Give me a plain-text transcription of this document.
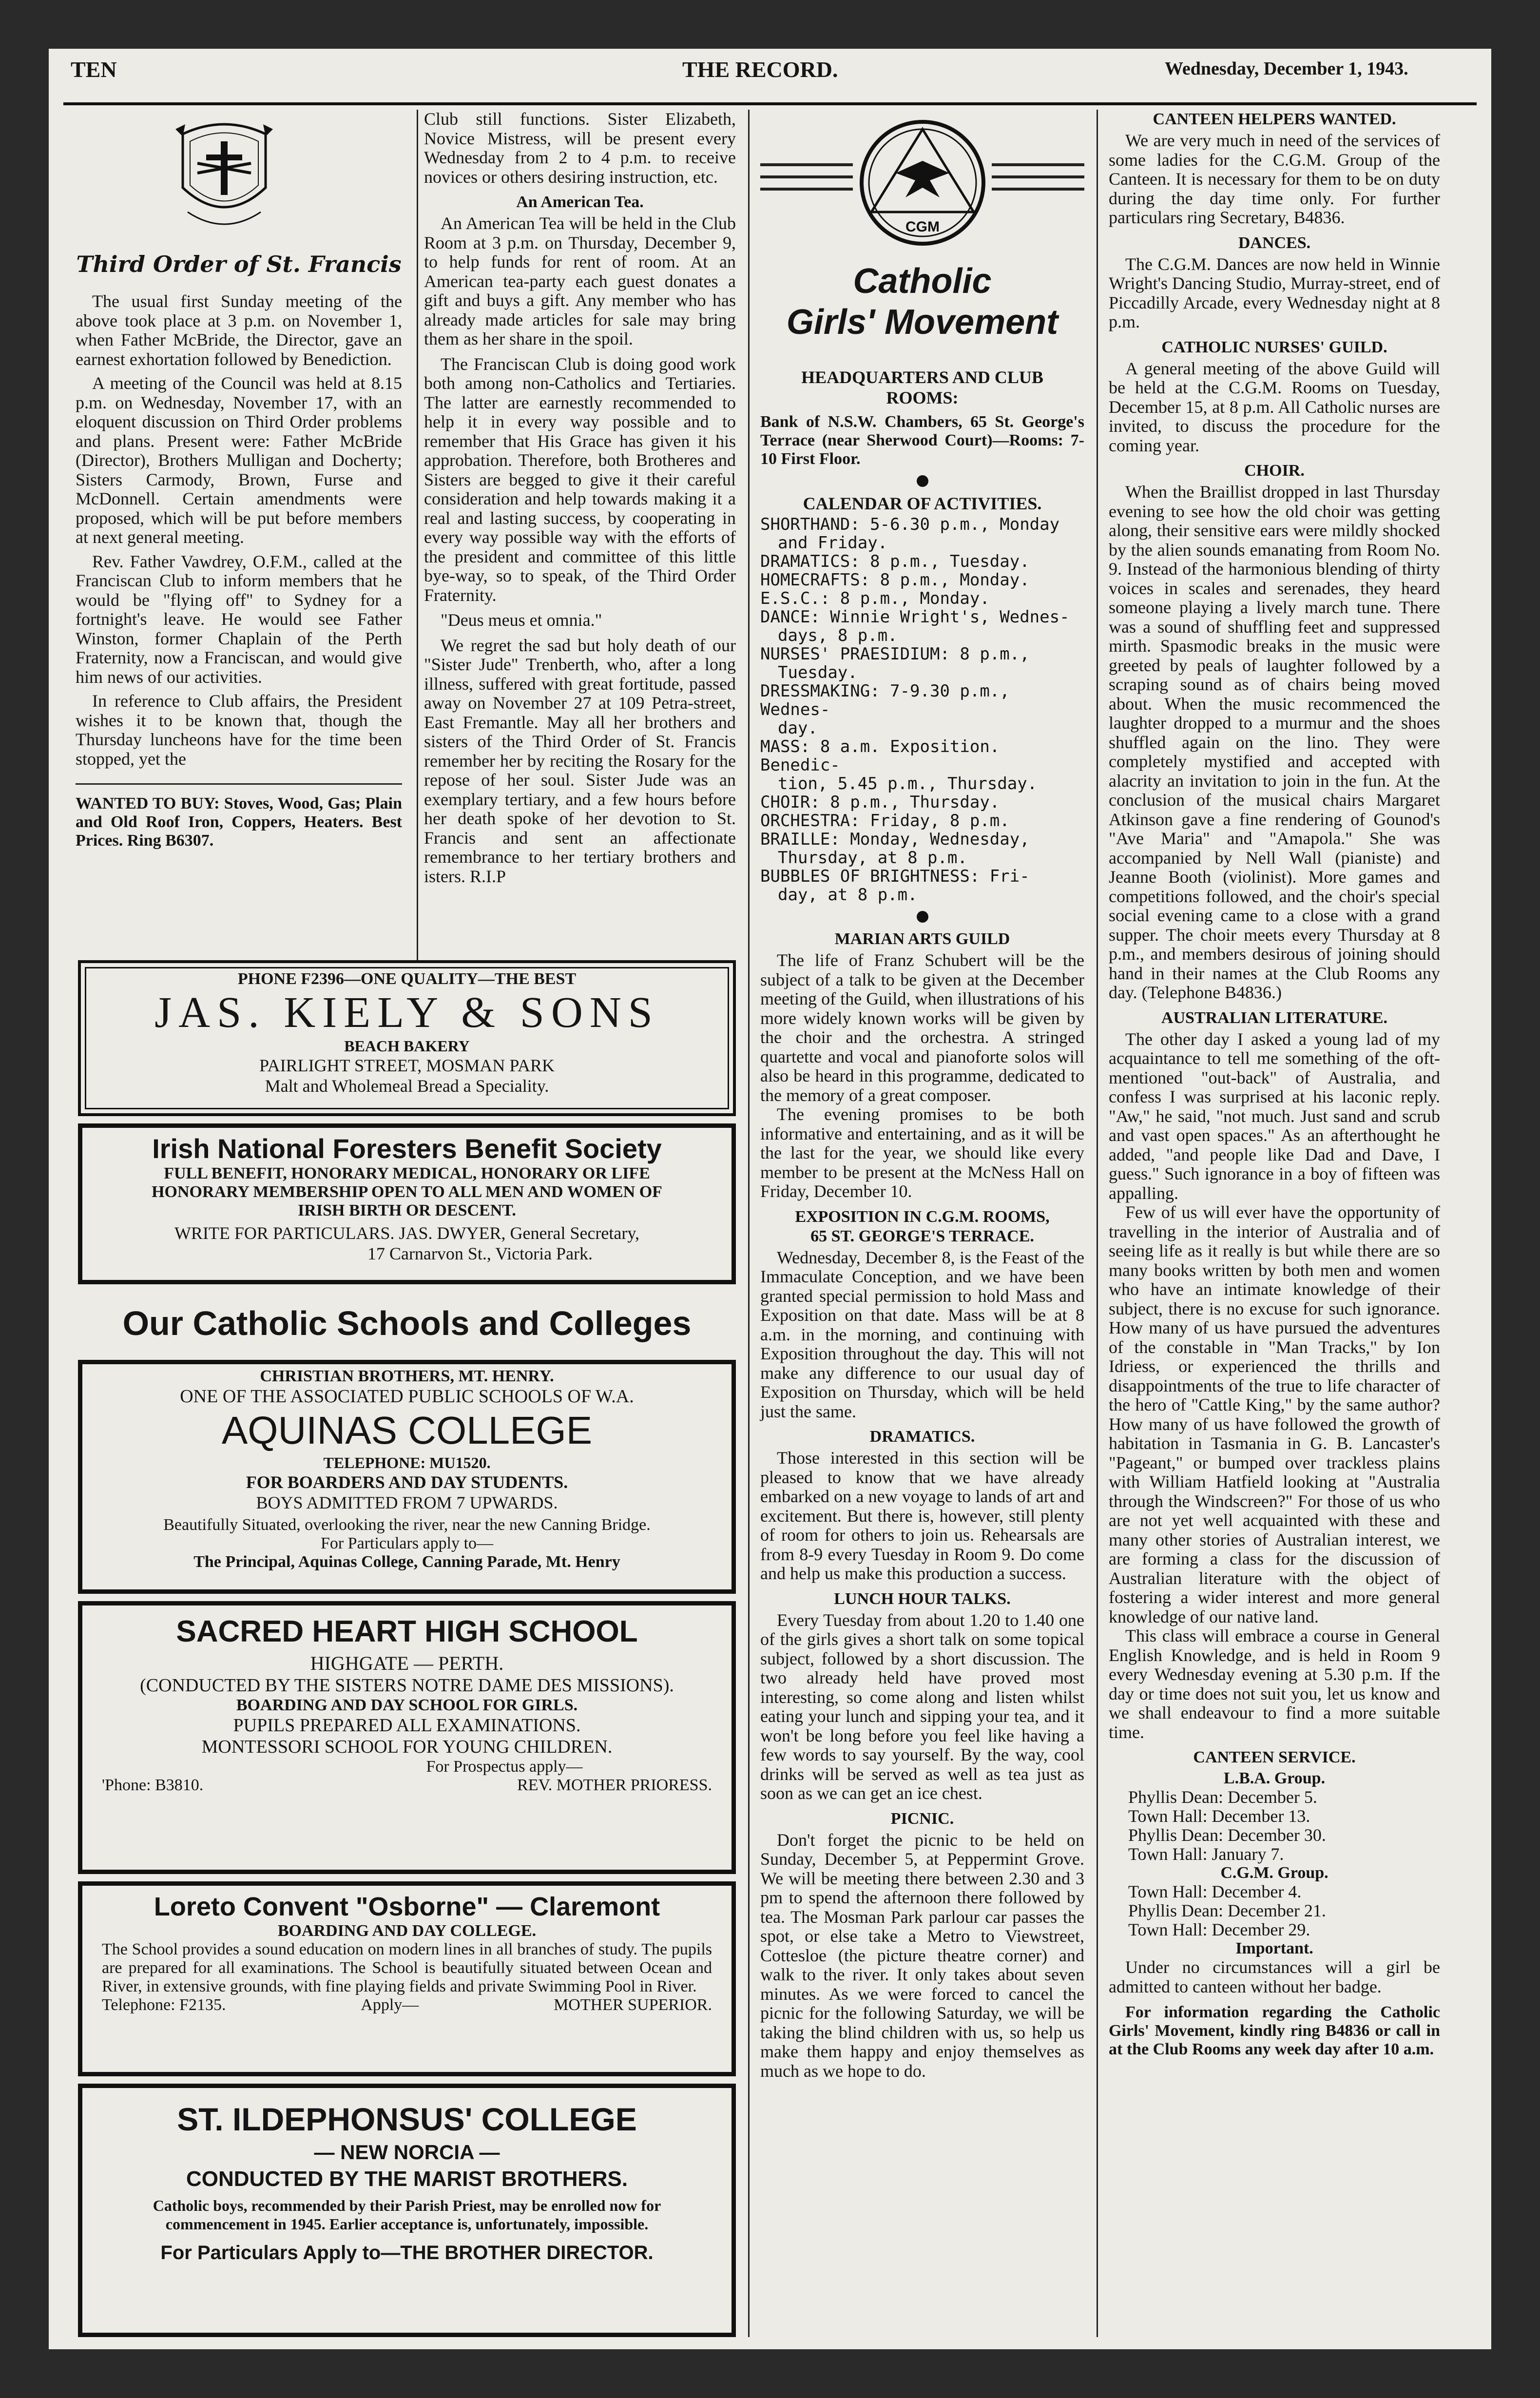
TEN	THE RECORD.	Wednesday, December 1, 1943.
Third Order of St. Francis

The usual first Sunday meeting of the above took place at 3 p.m. on November 1, when Father McBride, the Director, gave an earnest exhortation followed by Benediction.

A meeting of the Council was held at 8.15 p.m. on Wednesday, November 17, with an eloquent discussion on Third Order problems and plans. Present were: Father McBride (Director), Brothers Mulligan and Docherty; Sisters Carmody, Brown, Furse and McDonnell. Certain amendments were proposed, which will be put before members at next general meeting.

Rev. Father Vawdrey, O.F.M., called at the Franciscan Club to inform members that he would be "flying off" to Sydney for a fortnight's leave. He would see Father Winston, former Chaplain of the Perth Fraternity, now a Franciscan, and would give him news of our activities.

In reference to Club affairs, the President wishes it to be known that, though the Thursday luncheons have for the time been stopped, yet the

WANTED TO BUY: Stoves, Wood, Gas; Plain and Old Roof Iron, Coppers, Heaters. Best Prices. Ring B6307.

Club still functions. Sister Elizabeth, Novice Mistress, will be present every Wednesday from 2 to 4 p.m. to receive novices or others desiring instruction, etc.

An American Tea.

An American Tea will be held in the Club Room at 3 p.m. on Thursday, December 9, to help funds for rent of room. At an American tea-party each guest donates a gift and buys a gift. Any member who has already made articles for sale may bring them as her share in the spoil.

The Franciscan Club is doing good work both among non-Catholics and Tertiaries. The latter are earnestly recommended to help it in every way possible and to remember that His Grace has given it his approbation. Therefore, both Brotheres and Sisters are begged to give it their careful consideration and help towards making it a real and lasting success, by cooperating in every way possible way with the efforts of the president and committee of this little bye-way, so to speak, of the Third Order Fraternity.

"Deus meus et omnia."

We regret the sad but holy death of our "Sister Jude" Trenberth, who, after a long illness, suffered with great fortitude, passed away on November 27 at 109 Petra-street, East Fremantle. May all her brothers and sisters of the Third Order of St. Francis remember her by reciting the Rosary for the repose of her soul. Sister Jude was an exemplary tertiary, and a few hours before her death spoke of her devotion to St. Francis and sent an affectionate remembrance to her tertiary brothers and isters. R.I.P

PHONE F2396—ONE QUALITY—THE BEST
JAS. KIELY & SONS
BEACH BAKERY
PAIRLIGHT STREET, MOSMAN PARK
Malt and Wholemeal Bread a Speciality.
Irish National Foresters Benefit Society
FULL BENEFIT, HONORARY MEDICAL, HONORARY OR LIFE
HONORARY MEMBERSHIP OPEN TO ALL MEN AND WOMEN OF
IRISH BIRTH OR DESCENT.
WRITE FOR PARTICULARS. JAS. DWYER, General Secretary,
17 Carnarvon St., Victoria Park.
Our Catholic Schools and Colleges
CHRISTIAN BROTHERS, MT. HENRY.
ONE OF THE ASSOCIATED PUBLIC SCHOOLS OF W.A.
AQUINAS COLLEGE
TELEPHONE: MU1520.
FOR BOARDERS AND DAY STUDENTS.
BOYS ADMITTED FROM 7 UPWARDS.
Beautifully Situated, overlooking the river, near the new Canning Bridge.
For Particulars apply to—
The Principal, Aquinas College, Canning Parade, Mt. Henry
SACRED HEART HIGH SCHOOL
HIGHGATE — PERTH.
(CONDUCTED BY THE SISTERS NOTRE DAME DES MISSIONS).
BOARDING AND DAY SCHOOL FOR GIRLS.
PUPILS PREPARED ALL EXAMINATIONS.
MONTESSORI SCHOOL FOR YOUNG CHILDREN.
For Prospectus apply—
'Phone: B3810.	REV. MOTHER PRIORESS.
Loreto Convent "Osborne" — Claremont
BOARDING AND DAY COLLEGE.

The School provides a sound education on modern lines in all branches of study. The pupils are prepared for all examinations. The School is beautifully situated between Ocean and River, in extensive grounds, with fine playing fields and private Swimming Pool in River.

Telephone: F2135.	Apply—	MOTHER SUPERIOR.
ST. ILDEPHONSUS' COLLEGE
— NEW NORCIA —
CONDUCTED BY THE MARIST BROTHERS.

Catholic boys, recommended by their Parish Priest, may be enrolled now for commencement in 1945. Earlier acceptance is, unfortunately, impossible.

For Particulars Apply to—THE BROTHER DIRECTOR.
CGM
Catholic
Girls' Movement
HEADQUARTERS AND CLUB
ROOMS:

Bank of N.S.W. Chambers, 65 St. George's Terrace (near Sherwood Court)—Rooms: 7-10 First Floor.

CALENDAR OF ACTIVITIES.
SHORTHAND: 5-6.30 p.m., Monday
and Friday.
DRAMATICS: 8 p.m., Tuesday.
HOMECRAFTS: 8 p.m., Monday.
E.S.C.: 8 p.m., Monday.
DANCE: Winnie Wright's, Wednes-
days, 8 p.m.
NURSES' PRAESIDIUM: 8 p.m.,
Tuesday.
DRESSMAKING: 7-9.30 p.m., Wednes-
day.
MASS: 8 a.m. Exposition. Benedic-
tion, 5.45 p.m., Thursday.
CHOIR: 8 p.m., Thursday.
ORCHESTRA: Friday, 8 p.m.
BRAILLE: Monday, Wednesday,
Thursday, at 8 p.m.
BUBBLES OF BRIGHTNESS: Fri-
day, at 8 p.m.
MARIAN ARTS GUILD

The life of Franz Schubert will be the subject of a talk to be given at the December meeting of the Guild, when illustrations of his more widely known works will be given by the choir and the orchestra. A stringed quartette and vocal and pianoforte solos will also be heard in this programme, dedicated to the memory of a great composer.

The evening promises to be both informative and entertaining, and as it will be the last for the year, we should like every member to be present at the McNess Hall on Friday, December 10.

EXPOSITION IN C.G.M. ROOMS,
65 ST. GEORGE'S TERRACE.

Wednesday, December 8, is the Feast of the Immaculate Conception, and we have been granted special permission to hold Mass and Exposition on that date. Mass will be at 8 a.m. in the morning, and continuing with Exposition throughout the day. This will not make any difference to our usual day of Exposition on Thursday, which will be held just the same.

DRAMATICS.

Those interested in this section will be pleased to know that we have already embarked on a new voyage to lands of art and excitement. But there is, however, still plenty of room for others to join us. Rehearsals are from 8-9 every Tuesday in Room 9. Do come and help us make this production a success.

LUNCH HOUR TALKS.

Every Tuesday from about 1.20 to 1.40 one of the girls gives a short talk on some topical subject, followed by a short discussion. The two already held have proved most interesting, so come along and listen whilst eating your lunch and sipping your tea, and it won't be long before you feel like having a few words to say yourself. By the way, cool drinks will be served as well as tea just as soon as we can get an ice chest.

PICNIC.

Don't forget the picnic to be held on Sunday, December 5, at Peppermint Grove. We will be meeting there between 2.30 and 3 pm to spend the afternoon there followed by tea. The Mosman Park parlour car passes the spot, or else take a Metro to Viewstreet, Cottesloe (the picture theatre corner) and walk to the river. It only takes about seven minutes. As we were forced to cancel the picnic for the following Saturday, we will be taking the blind children with us, so help us make them happy and enjoy themselves as much as we hope to do.

CANTEEN HELPERS WANTED.

We are very much in need of the services of some ladies for the C.G.M. Group of the Canteen. It is necessary for them to be on duty during the day time only. For further particulars ring Secretary, B4836.

DANCES.

The C.G.M. Dances are now held in Winnie Wright's Dancing Studio, Murray-street, end of Piccadilly Arcade, every Wednesday night at 8 p.m.

CATHOLIC NURSES' GUILD.

A general meeting of the above Guild will be held at the C.G.M. Rooms on Tuesday, December 15, at 8 p.m. All Catholic nurses are invited, to discuss the procedure for the coming year.

CHOIR.

When the Braillist dropped in last Thursday evening to see how the old choir was getting along, their sensitive ears were mildly shocked by the alien sounds emanating from Room No. 9. Instead of the harmonious blending of thirty voices in scales and serenades, they heard someone playing a lively march tune. There was a sound of shuffling feet and suppressed mirth. Spasmodic breaks in the music were greeted by peals of laughter followed by a scraping sound as of chairs being moved about. When the music recommenced the laughter dropped to a murmur and the shoes shuffled again on the lino. They were completely mystified and accepted with alacrity an invitation to join in the fun. At the conclusion of the musical chairs Margaret Atkinson gave a fine rendering of Gounod's "Ave Maria" and "Amapola." She was accompanied by Nell Wall (pianiste) and Jeanne Booth (violinist). More games and competitions followed, and the choir's special social evening came to a close with a grand supper. The choir meets every Thursday at 8 p.m., and members desirous of joining should hand in their names at the Club Rooms any day. (Telephone B4836.)

AUSTRALIAN LITERATURE.

The other day I asked a young lad of my acquaintance to tell me something of the oft-mentioned "out-back" of Australia, and confess I was surprised at his laconic reply. "Aw," he said, "not much. Just sand and scrub and vast open spaces." As an afterthought he added, "and people like Dad and Dave, I guess." Such ignorance in a boy of fifteen was appalling.

Few of us will ever have the opportunity of travelling in the interior of Australia and of seeing life as it really is but while there are so many books written by both men and women who have an intimate knowledge of their subject, there is no excuse for such ignorance. How many of us have pursued the adventures of the constable in "Man Tracks," by Ion Idriess, or experienced the thrills and disappointments of the true to life character of the hero of "Cattle King," by the same author? How many of us have followed the growth of habitation in Tasmania in G. B. Lancaster's "Pageant," or bumped over trackless plains with William Hatfield looking at "Australia through the Windscreen?" For those of us who are not yet well acquainted with these and many other stories of Australian interest, we are forming a class for the discussion of Australian literature with the object of fostering a wider interest and more general knowledge of our native land.

This class will embrace a course in General English Knowledge, and is held in Room 9 every Wednesday evening at 5.30 p.m. If the day or time does not suit you, let us know and we shall endeavour to find a more suitable time.

CANTEEN SERVICE.
L.B.A. Group.
Phyllis Dean: December 5.
Town Hall: December 13.
Phyllis Dean: December 30.
Town Hall: January 7.
C.G.M. Group.
Town Hall: December 4.
Phyllis Dean: December 21.
Town Hall: December 29.
Important.

Under no circumstances will a girl be admitted to canteen without her badge.

For information regarding the Catholic Girls' Movement, kindly ring B4836 or call in at the Club Rooms any week day after 10 a.m.
